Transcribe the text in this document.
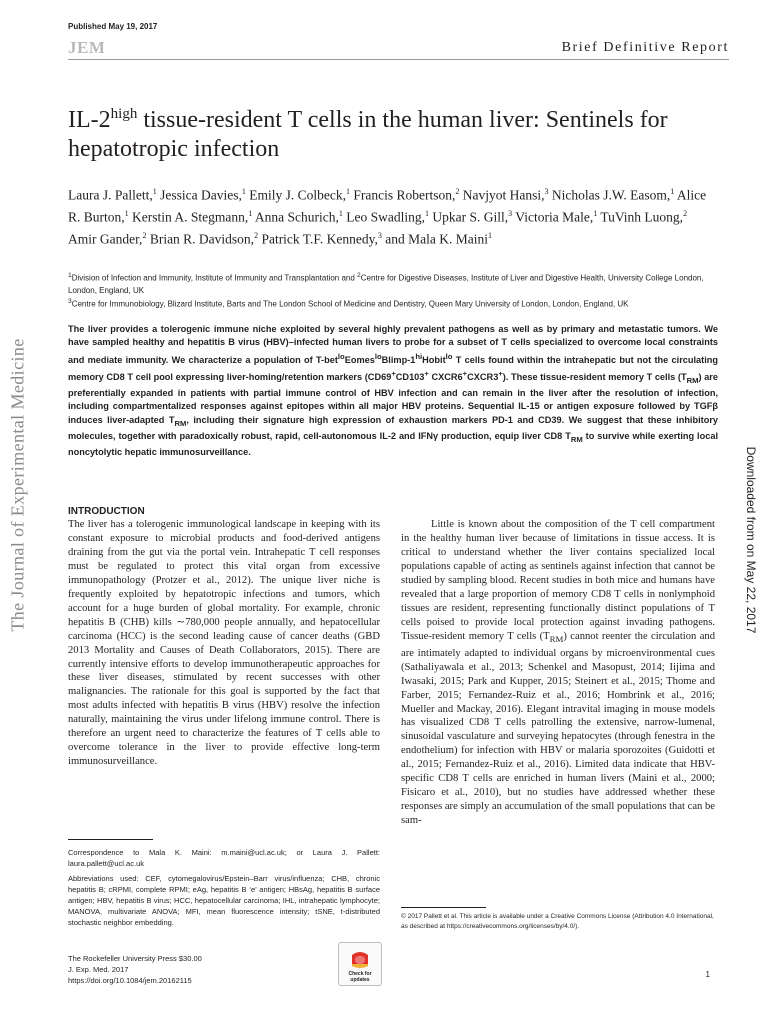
Published May 19, 2017
JEM	Brief Definitive Report
$IL-2^{high}$ tissue-resident T cells in the human liver: Sentinels for hepatotropic infection
Laura J. Pallett,$^1$ Jessica Davies,$^1$ Emily J. Colbeck,$^1$ Francis Robertson,$^2$ Navjyot Hansi,$^3$ Nicholas J.W. Easom,$^1$ Alice R. Burton,$^1$ Kerstin A. Stegmann,$^1$ Anna Schurich,$^1$ Leo Swadling,$^1$ Upkar S. Gill,$^3$ Victoria Male,$^1$ TuVinh Luong,$^2$ Amir Gander,$^2$ Brian R. Davidson,$^2$ Patrick T.F. Kennedy,$^3$ and Mala K. Maini$^1$
$^1$Division of Infection and Immunity, Institute of Immunity and Transplantation and $^2$Centre for Digestive Diseases, Institute of Liver and Digestive Health, University College London, London, England, UK
$^3$Centre for Immunobiology, Blizard Institute, Barts and The London School of Medicine and Dentistry, Queen Mary University of London, London, England, UK
The liver provides a tolerogenic immune niche exploited by several highly prevalent pathogens as well as by primary and metastatic tumors. We have sampled healthy and hepatitis B virus (HBV)–infected human livers to probe for a subset of T cells specialized to overcome local constraints and mediate immunity. We characterize a population of $T-bet^{lo}Eomes^{lo}Blimp-1^{hi}Hobit^{lo}$ T cells found within the intrahepatic but not the circulating memory CD8 T cell pool expressing liver-homing/retention markers (CD69+CD103+ CXCR6+CXCR3+). These tissue-resident memory T cells $(T_{RM})$ are preferentially expanded in patients with partial immune control of HBV infection and can remain in the liver after the resolution of infection, including compartmentalized responses against epitopes within all major HBV proteins. Sequential IL-15 or antigen exposure followed by TGFβ induces liver-adapted $T_{RM}$, including their signature high expression of exhaustion markers PD-1 and CD39. We suggest that these inhibitory molecules, together with paradoxically robust, rapid, cell-autonomous IL-2 and IFNγ production, equip liver CD8 $T_{RM}$ to survive while exerting local noncytolytic hepatic immunosurveillance.
The Journal of Experimental Medicine	Downloaded from on May 22, 2017
INTRODUCTION

The liver has a tolerogenic immunological landscape in keeping with its constant exposure to microbial products and food-derived antigens draining from the gut via the portal vein. Intrahepatic T cell responses must be regulated to protect this vital organ from excessive immunopathology (Protzer et al., 2012). The unique liver niche is frequently exploited by hepatotropic infections and tumors, which account for a huge burden of global mortality. For example, chronic hepatitis B (CHB) kills ∼780,000 people annually, and hepatocellular carcinoma (HCC) is the second leading cause of cancer deaths (GBD 2013 Mortality and Causes of Death Collaborators, 2015). There are currently intensive efforts to develop immunotherapeutic approaches for these liver diseases, stimulated by recent successes with other malignancies. The rationale for this goal is supported by the fact that most adults infected with hepatitis B virus (HBV) resolve the infection naturally, maintaining the virus under lifelong immune control. There is therefore an urgent need to characterize the features of T cells able to overcome tolerance in the liver to provide effective long-term immunosurveillance.

Little is known about the composition of the T cell compartment in the healthy human liver because of limitations in tissue access. It is critical to understand whether the liver contains specialized local populations capable of acting as sentinels against infection that cannot be studied by sampling blood. Recent studies in both mice and humans have revealed that a large proportion of memory CD8 T cells in nonlymphoid tissues are resident, representing functionally distinct populations of T cells poised to provide local protection against invading pathogens. Tissue-resident memory T cells $(T_{RM})$ cannot reenter the circulation and are intimately adapted to individual organs by microenvironmental cues (Sathaliyawala et al., 2013; Schenkel and Masopust, 2014; Iijima and Iwasaki, 2015; Park and Kupper, 2015; Steinert et al., 2015; Thome and Farber, 2015; Fernandez-Ruiz et al., 2016; Hombrink et al., 2016; Mueller and Mackay, 2016). Elegant intravital imaging in mouse models has visualized CD8 T cells patrolling the extensive, narrow-lumenal, sinusoidal vasculature and surveying hepatocytes (through fenestra in the endothelium) for infection with HBV or malaria sporozoites (Guidotti et al., 2015; Fernandez-Ruiz et al., 2016). Limited data indicate that HBV-specific CD8 T cells are enriched in human livers (Maini et al., 2000; Fisicaro et al., 2010), but no studies have addressed whether these responses are simply an accumulation of the small populations that can be sam-

Correspondence to Mala K. Maini: m.maini@ucl.ac.uk; or Laura J. Pallett: laura.pallett@ucl.ac.uk
Abbreviations used: CEF, cytomegalovirus/Epstein–Barr virus/influenza; CHB, chronic hepatitis B; cRPMI, complete RPMI; eAg, hepatitis B ‘e’ antigen; HBsAg, hepatitis B surface antigen; HBV, hepatitis B virus; HCC, hepatocellular carcinoma; IHL, intrahepatic lymphocyte; MANOVA, multivariate ANOVA; MFI, mean fluorescence intensity; tSNE, t-distributed stochastic neighbor embedding.
© 2017 Pallett et al. This article is available under a Creative Commons License (Attribution 4.0 International, as described at https://creativecommons.org/licenses/by/4.0/).
The Rockefeller University Press $30.00
J. Exp. Med. 2017
https://doi.org/10.1084/jem.20162115
Check for
updates
1
